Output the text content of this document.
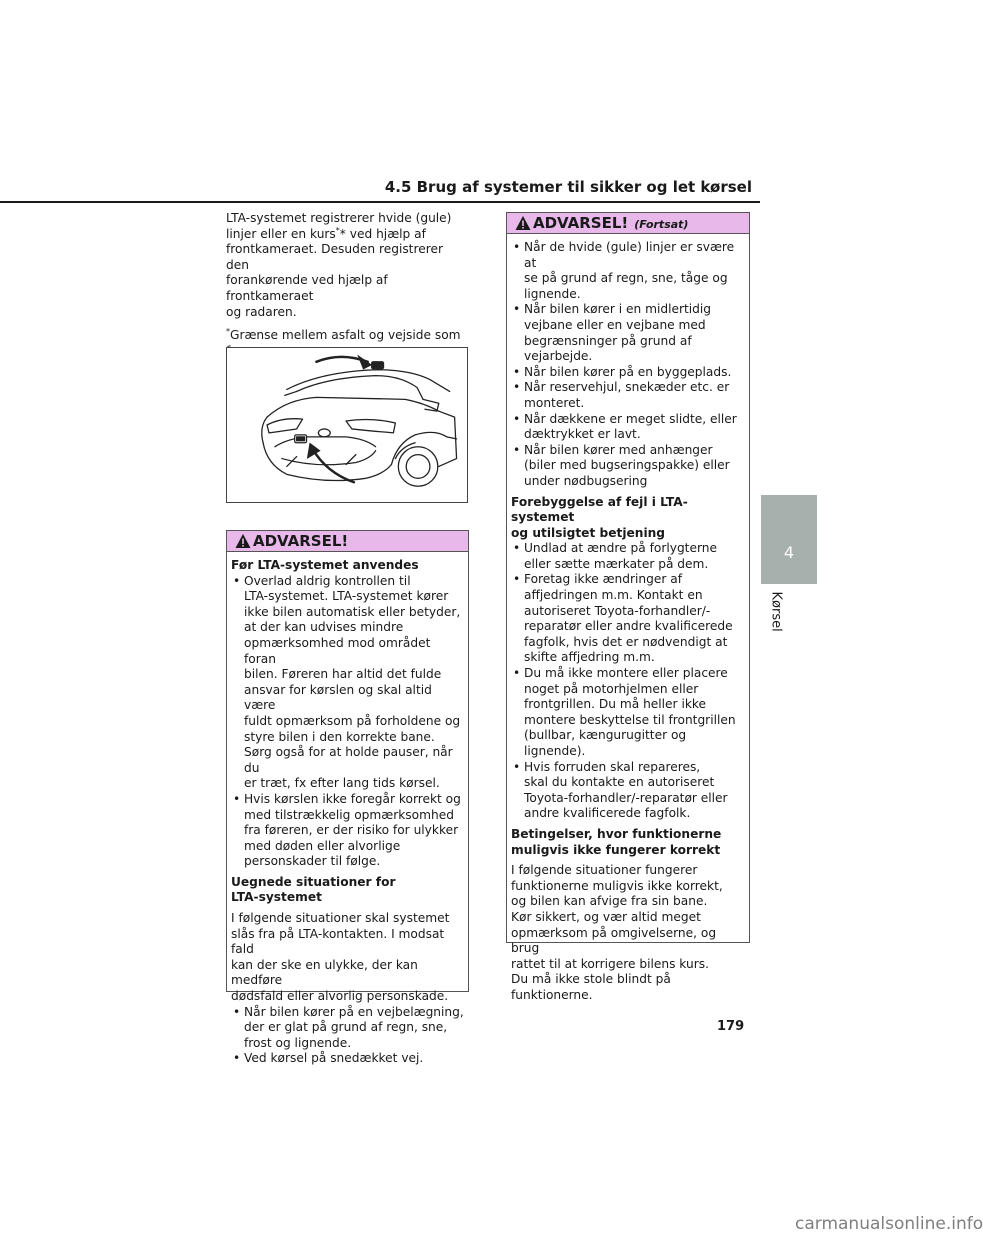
4.5 Brug af systemer til sikker og let kørsel
4
Kørsel

LTA-systemet registrerer hvide (gule)

linjer eller en kurs** ved hjælp af

frontkameraet. Desuden registrerer den

forankørende ved hjælp af frontkameraet

og radaren.

*Grænse mellem asfalt og vejside som

ADVARSEL!

Før LTA-systemet anvendes

• Overlad aldrig kontrollen til
LTA-systemet. LTA-systemet kører
ikke bilen automatisk eller betyder,
at der kan udvises mindre
opmærksomhed mod området foran
bilen. Føreren har altid det fulde
ansvar for kørslen og skal altid være
fuldt opmærksom på forholdene og
styre bilen i den korrekte bane.
Sørg også for at holde pauser, når du
er træt, fx efter lang tids kørsel.
• Hvis kørslen ikke foregår korrekt og
med tilstrækkelig opmærksomhed
fra føreren, er der risiko for ulykker
med døden eller alvorlige
personskader til følge.

Uegnede situationer for
LTA-systemet

I følgende situationer skal systemet
slås fra på LTA-kontakten. I modsat fald
kan der ske en ulykke, der kan medføre
dødsfald eller alvorlig personskade.

• Når bilen kører på en vejbelægning,
der er glat på grund af regn, sne,
frost og lignende.
• Ved kørsel på snedækket vej.
ADVARSEL! (Fortsat)
• Når de hvide (gule) linjer er svære at
se på grund af regn, sne, tåge og
lignende.
• Når bilen kører i en midlertidig
vejbane eller en vejbane med
begrænsninger på grund af
vejarbejde.
• Når bilen kører på en byggeplads.
• Når reservehjul, snekæder etc. er
monteret.
• Når dækkene er meget slidte, eller
dæktrykket er lavt.
• Når bilen kører med anhænger
(biler med bugseringspakke) eller
under nødbugsering

Forebyggelse af fejl i LTA-systemet
og utilsigtet betjening

• Undlad at ændre på forlygterne
eller sætte mærkater på dem.
• Foretag ikke ændringer af
affjedringen m.m. Kontakt en
autoriseret Toyota-forhandler/-
reparatør eller andre kvalificerede
fagfolk, hvis det er nødvendigt at
skifte affjedring m.m.
• Du må ikke montere eller placere
noget på motorhjelmen eller
frontgrillen. Du må heller ikke
montere beskyttelse til frontgrillen
(bullbar, kængurugitter og lignende).
• Hvis forruden skal repareres,
skal du kontakte en autoriseret
Toyota-forhandler/-reparatør eller
andre kvalificerede fagfolk.

Betingelser, hvor funktionerne
muligvis ikke fungerer korrekt

I følgende situationer fungerer
funktionerne muligvis ikke korrekt,
og bilen kan afvige fra sin bane.
Kør sikkert, og vær altid meget
opmærksom på omgivelserne, og brug
rattet til at korrigere bilens kurs.
Du må ikke stole blindt på
funktionerne.

179
carmanualsonline.info
